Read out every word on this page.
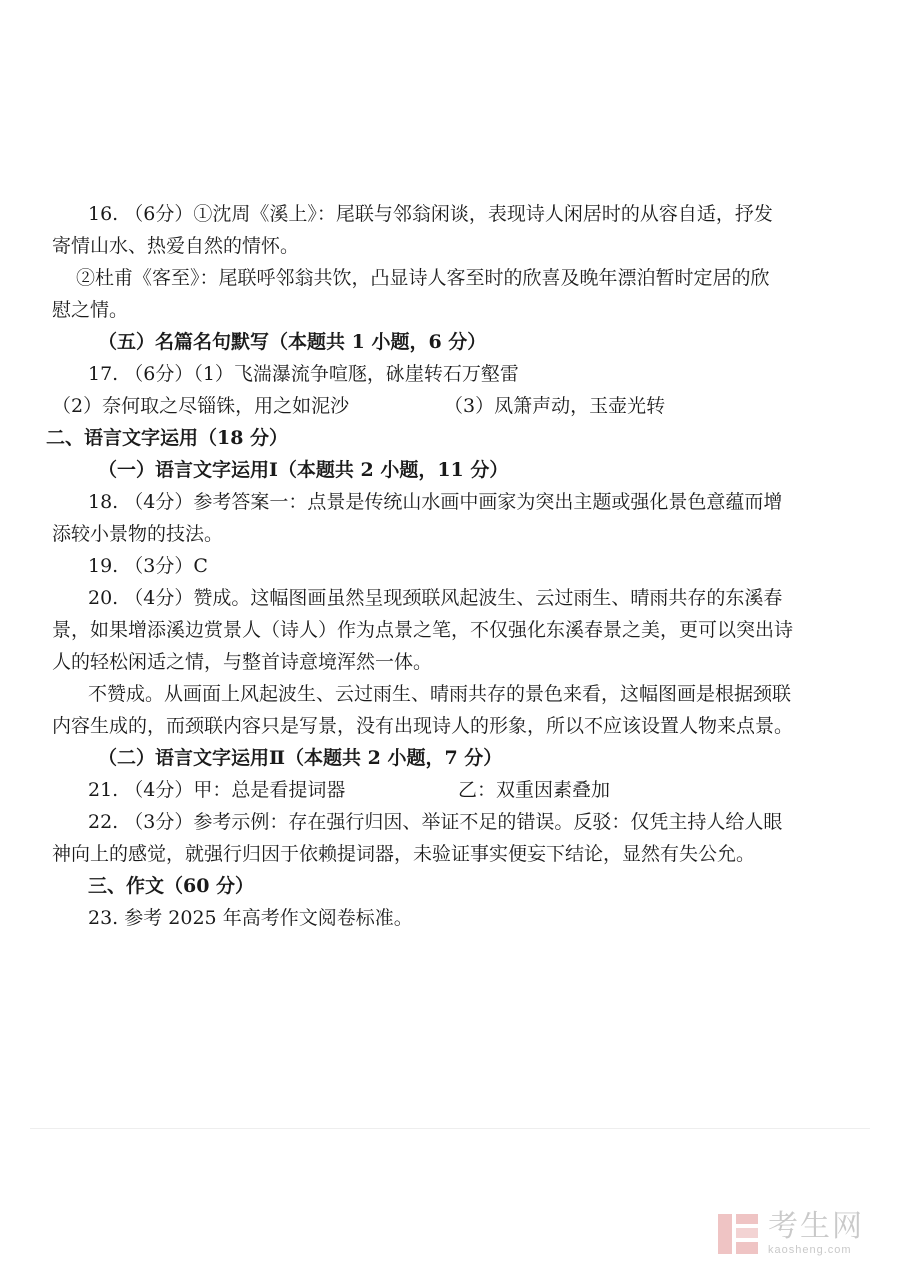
16. （6分）①沈周《溪上》：尾联与邻翁闲谈，表现诗人闲居时的从容自适，抒发
寄情山水、热爱自然的情怀。
②杜甫《客至》：尾联呼邻翁共饮，凸显诗人客至时的欣喜及晚年漂泊暂时定居的欣
慰之情。
（五）名篇名句默写（本题共 1 小题，6 分）
17. （6分）（1）飞湍瀑流争喧豗，砯崖转石万壑雷
（2）奈何取之尽锱铢，用之如泥沙	（3）凤箫声动，玉壶光转
二、语言文字运用（18 分）
（一）语言文字运用Ⅰ（本题共 2 小题，11 分）
18. （4分）参考答案一：点景是传统山水画中画家为突出主题或强化景色意蕴而增
添较小景物的技法。
19. （3分）C
20. （4分）赞成。这幅图画虽然呈现颈联风起波生、云过雨生、晴雨共存的东溪春
景，如果增添溪边赏景人（诗人）作为点景之笔，不仅强化东溪春景之美，更可以突出诗
人的轻松闲适之情，与整首诗意境浑然一体。
不赞成。从画面上风起波生、云过雨生、晴雨共存的景色来看，这幅图画是根据颈联
内容生成的，而颈联内容只是写景，没有出现诗人的形象，所以不应该设置人物来点景。
（二）语言文字运用Ⅱ（本题共 2 小题，7 分）
21. （4分）甲：总是看提词器	乙：双重因素叠加
22. （3分）参考示例：存在强行归因、举证不足的错误。反驳：仅凭主持人给人眼
神向上的感觉，就强行归因于依赖提词器，未验证事实便妄下结论，显然有失公允。
三、作文（60 分）
23. 参考 2025 年高考作文阅卷标准。
考生网
kaosheng.com
